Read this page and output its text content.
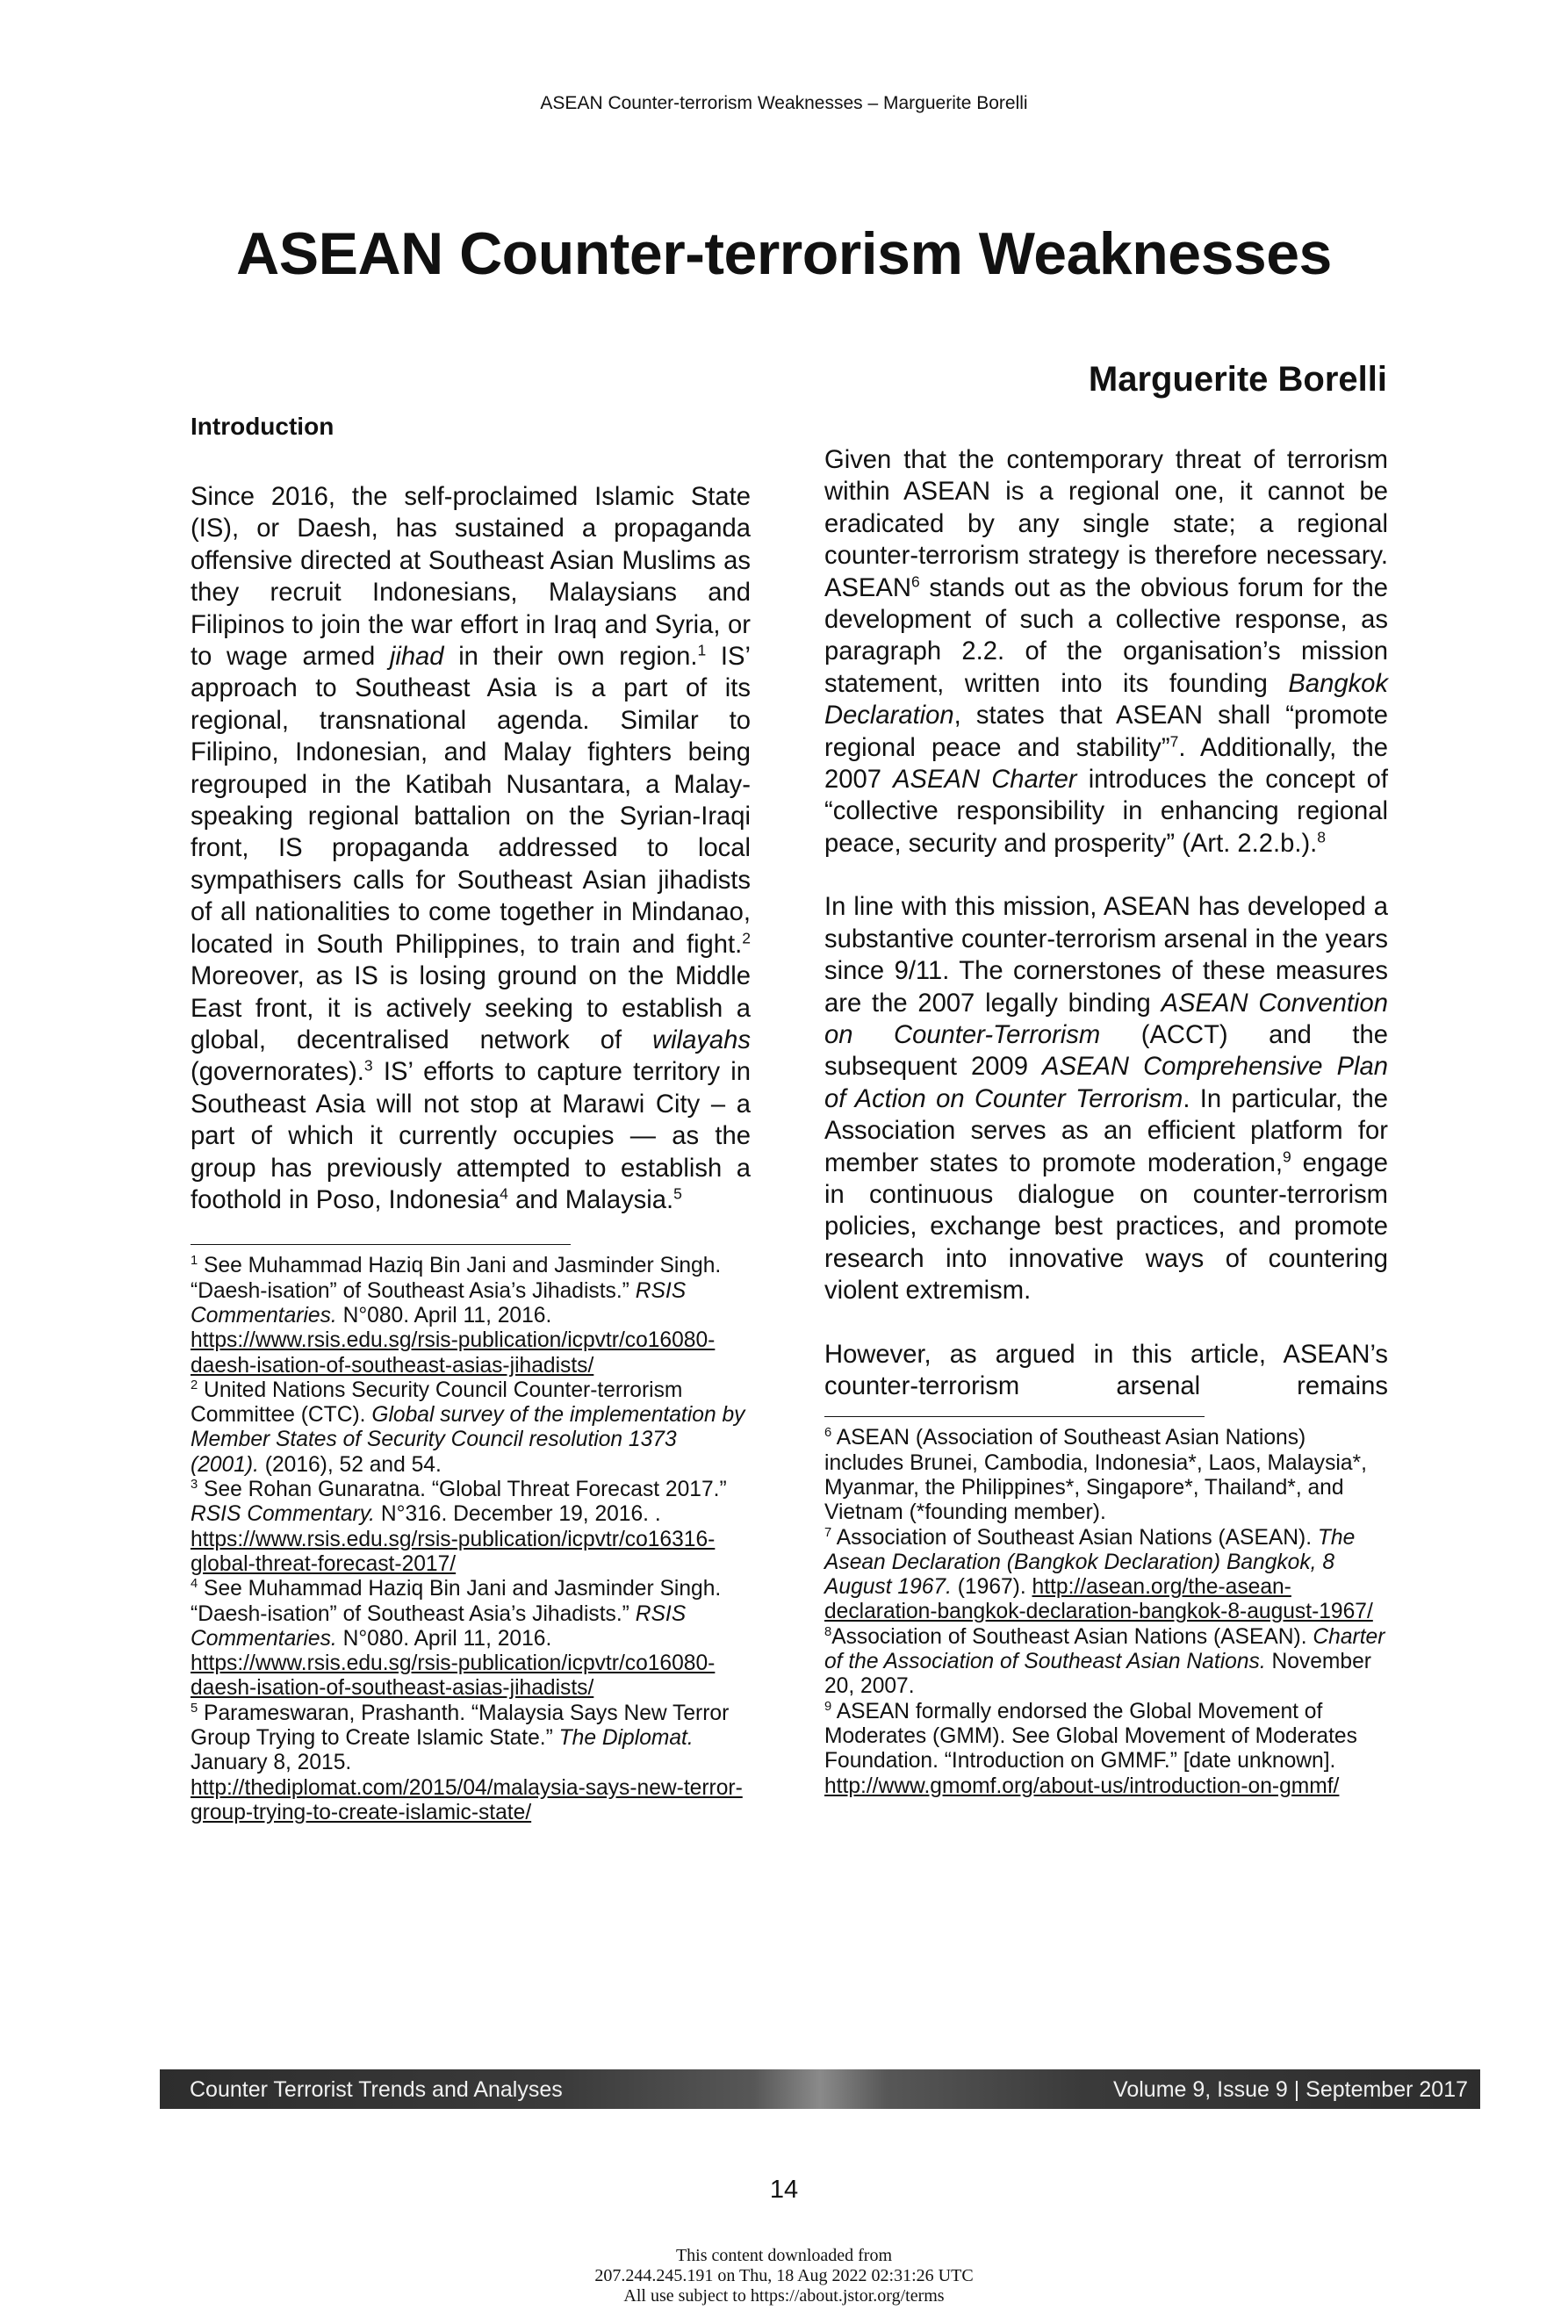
ASEAN Counter-terrorism Weaknesses – Marguerite Borelli
ASEAN Counter-terrorism Weaknesses
Marguerite Borelli
Introduction

Since 2016, the self-proclaimed Islamic State (IS), or Daesh, has sustained a propaganda offensive directed at Southeast Asian Muslims as they recruit Indonesians, Malaysians and Filipinos to join the war effort in Iraq and Syria, or to wage armed jihad in their own region.$^1$ IS’ approach to Southeast Asia is a part of its regional, transnational agenda. Similar to Filipino, Indonesian, and Malay fighters being regrouped in the Katibah Nusantara, a Malay-speaking regional battalion on the Syrian-Iraqi front, IS propaganda addressed to local sympathisers calls for Southeast Asian jihadists of all nationalities to come together in Mindanao, located in South Philippines, to train and fight.$^2$ Moreover, as IS is losing ground on the Middle East front, it is actively seeking to establish a global, decentralised network of wilayahs (governorates).$^3$ IS’ efforts to capture territory in Southeast Asia will not stop at Marawi City – a part of which it currently occupies — as the group has previously attempted to establish a foothold in Poso, Indonesia$^4$ and Malaysia.$^5$

$^1$ See Muhammad Haziq Bin Jani and Jasminder Singh. “Daesh-isation” of Southeast Asia’s Jihadists.” RSIS Commentaries. N°080. April 11, 2016. https://www.rsis.edu.sg/rsis-publication/icpvtr/co16080-daesh-isation-of-southeast-asias-jihadists/

$^2$ United Nations Security Council Counter-terrorism Committee (CTC). Global survey of the implementation by Member States of Security Council resolution 1373 (2001). (2016), 52 and 54.

$^3$ See Rohan Gunaratna. “Global Threat Forecast 2017.” RSIS Commentary. N°316. December 19, 2016. . https://www.rsis.edu.sg/rsis-publication/icpvtr/co16316-global-threat-forecast-2017/

$^4$ See Muhammad Haziq Bin Jani and Jasminder Singh. “Daesh-isation” of Southeast Asia’s Jihadists.” RSIS Commentaries. N°080. April 11, 2016. https://www.rsis.edu.sg/rsis-publication/icpvtr/co16080-daesh-isation-of-southeast-asias-jihadists/

$^5$ Parameswaran, Prashanth. “Malaysia Says New Terror Group Trying to Create Islamic State.” The Diplomat. January 8, 2015. http://thediplomat.com/2015/04/malaysia-says-new-terror-group-trying-to-create-islamic-state/

Given that the contemporary threat of terrorism within ASEAN is a regional one, it cannot be eradicated by any single state; a regional counter-terrorism strategy is therefore necessary. ASEAN$^6$ stands out as the obvious forum for the development of such a collective response, as paragraph 2.2. of the organisation’s mission statement, written into its founding Bangkok Declaration, states that ASEAN shall “promote regional peace and stability”$^7$. Additionally, the 2007 ASEAN Charter introduces the concept of “collective responsibility in enhancing regional peace, security and prosperity” (Art. 2.2.b.).$^8$

In line with this mission, ASEAN has developed a substantive counter-terrorism arsenal in the years since 9/11. The cornerstones of these measures are the 2007 legally binding ASEAN Convention on Counter-Terrorism (ACCT) and the subsequent 2009 ASEAN Comprehensive Plan of Action on Counter Terrorism. In particular, the Association serves as an efficient platform for member states to promote moderation,$^9$ engage in continuous dialogue on counter-terrorism policies, exchange best practices, and promote research into innovative ways of countering violent extremism.

However, as argued in this article, ASEAN’s counter-terrorism arsenal remains

$^6$ ASEAN (Association of Southeast Asian Nations) includes Brunei, Cambodia, Indonesia*, Laos, Malaysia*, Myanmar, the Philippines*, Singapore*, Thailand*, and Vietnam (*founding member).

$^7$ Association of Southeast Asian Nations (ASEAN). The Asean Declaration (Bangkok Declaration) Bangkok, 8 August 1967. (1967). http://asean.org/the-asean-declaration-bangkok-declaration-bangkok-8-august-1967/

$^8$Association of Southeast Asian Nations (ASEAN). Charter of the Association of Southeast Asian Nations. November 20, 2007.

$^9$ ASEAN formally endorsed the Global Movement of Moderates (GMM). See Global Movement of Moderates Foundation. “Introduction on GMMF.” [date unknown]. http://www.gmomf.org/about-us/introduction-on-gmmf/

Counter Terrorist Trends and Analyses	Volume 9, Issue 9 | September 2017
14
This content downloaded from
207.244.245.191 on Thu, 18 Aug 2022 02:31:26 UTC
All use subject to https://about.jstor.org/terms
